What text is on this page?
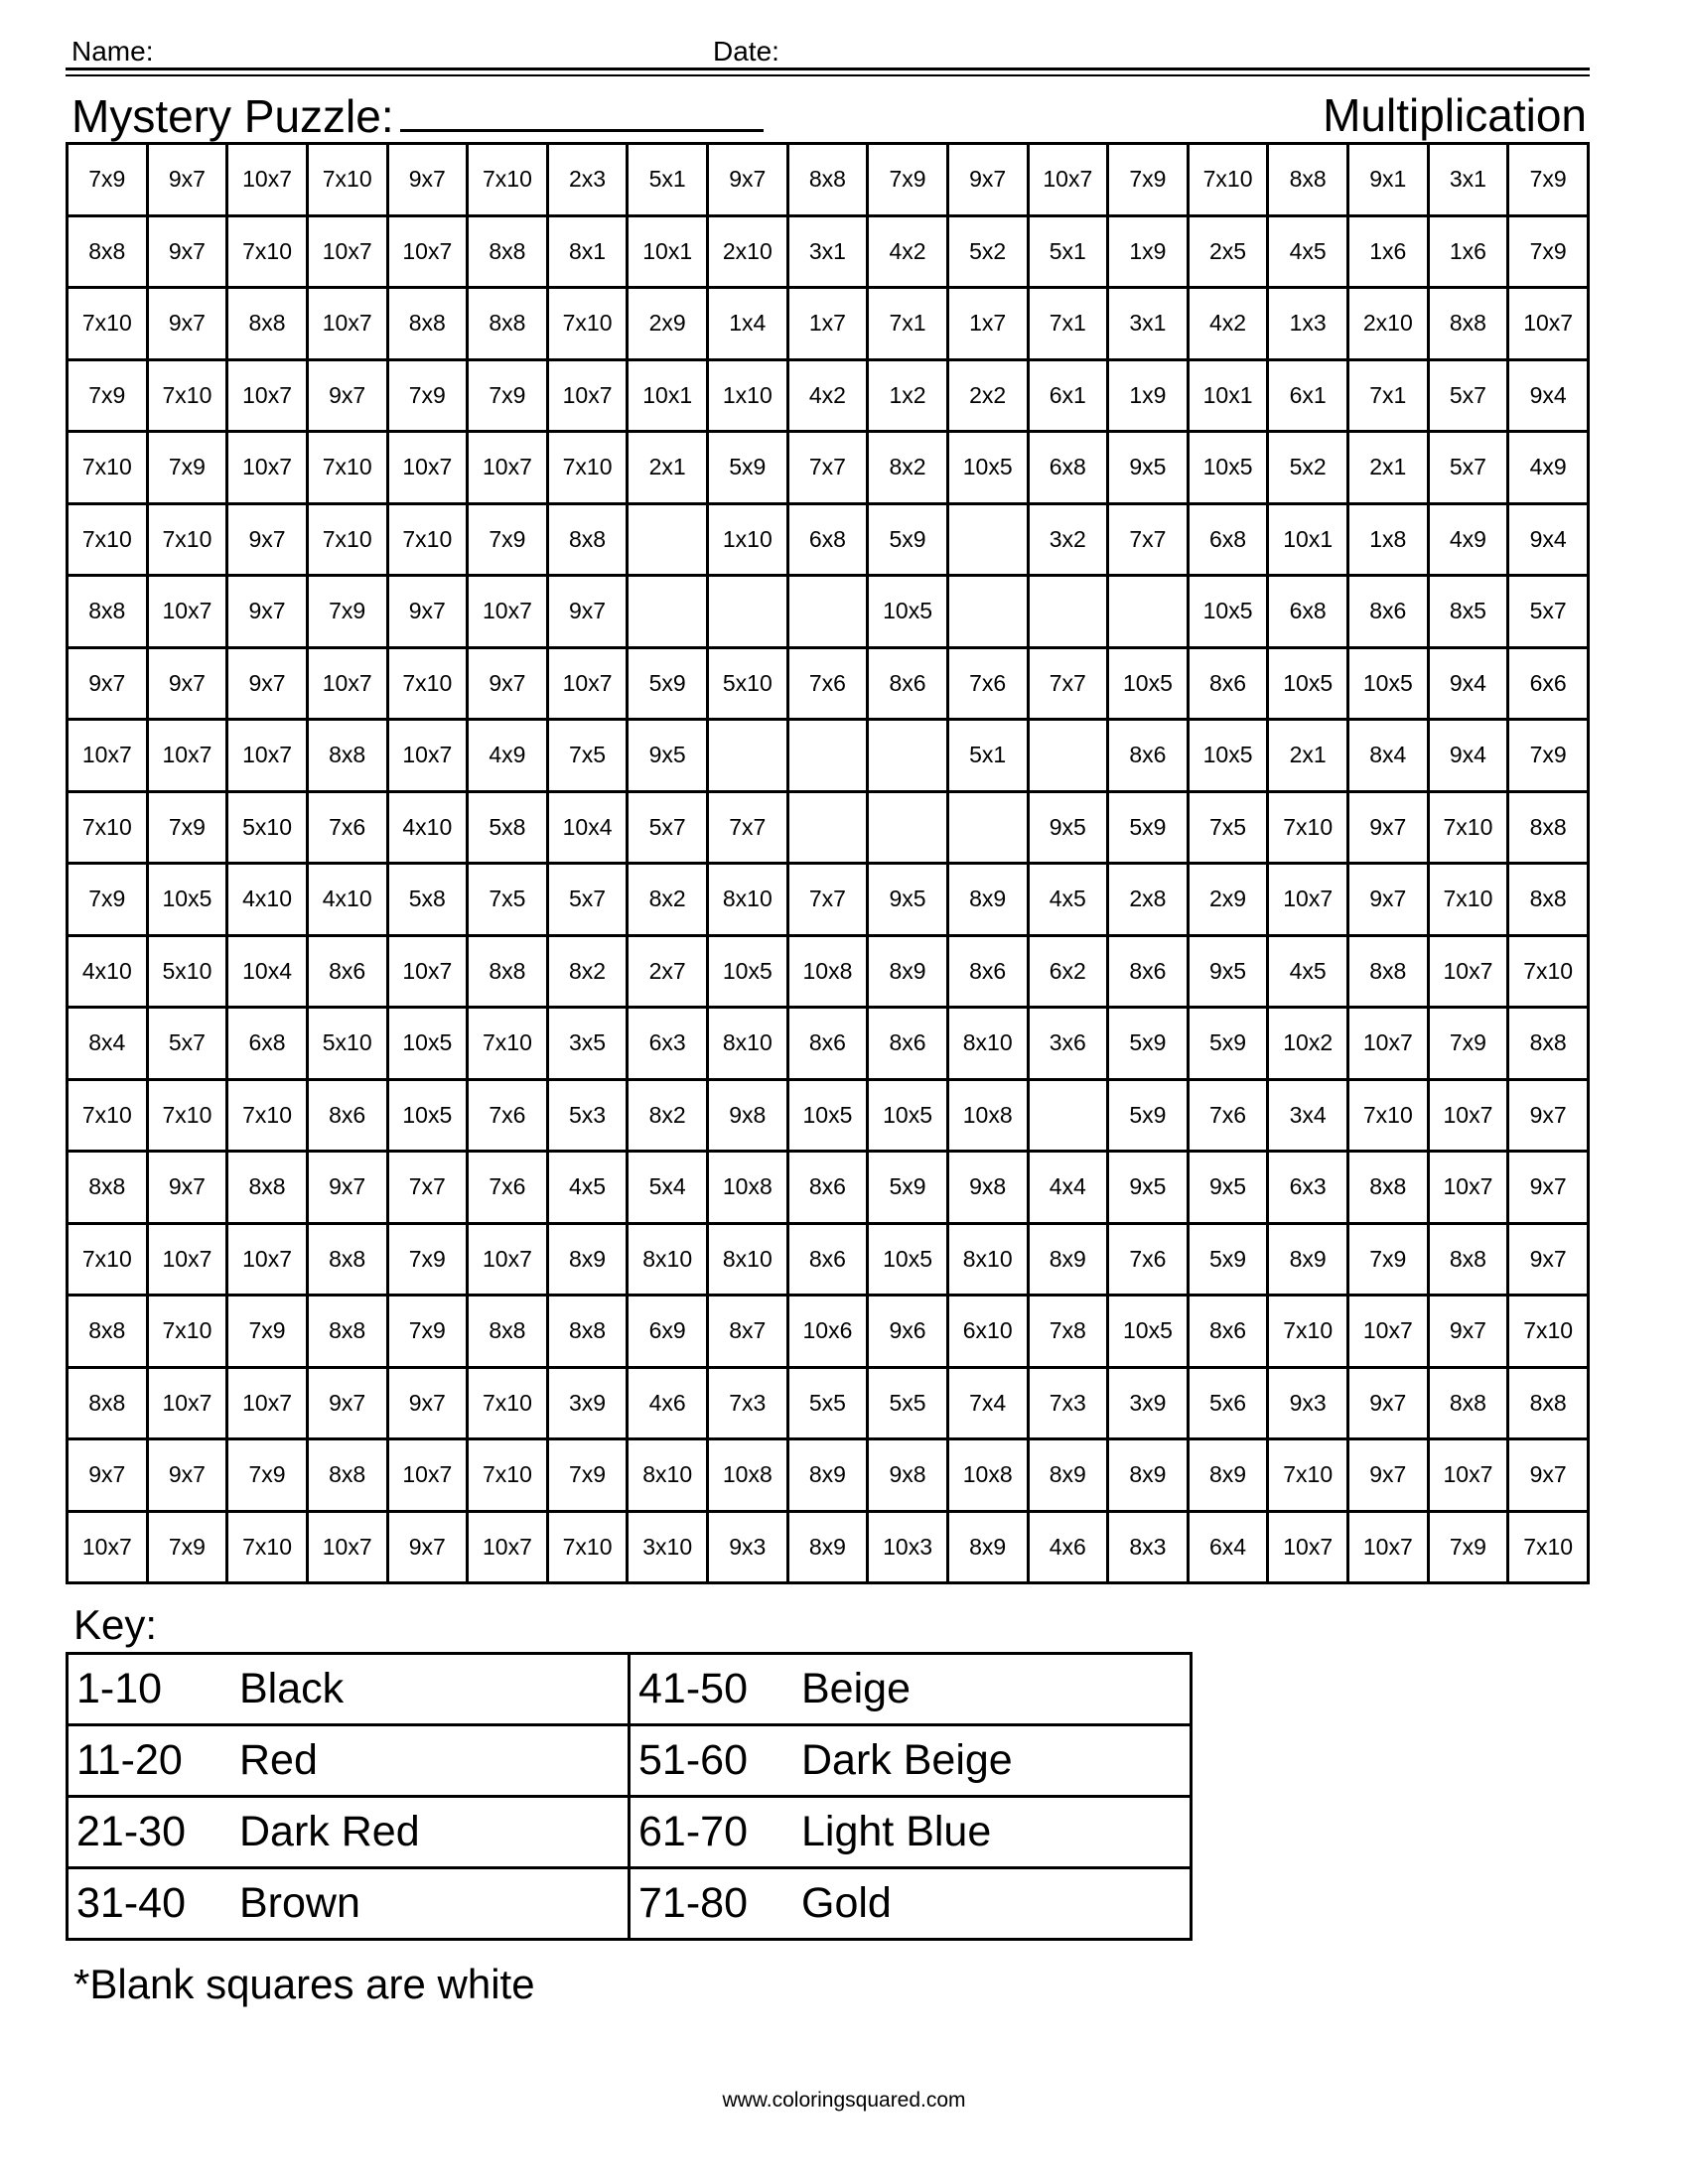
Name:	Date:
Mystery Puzzle:	Multiplication
7x9	9x7	10x7	7x10	9x7	7x10	2x3	5x1	9x7	8x8	7x9	9x7	10x7	7x9	7x10	8x8	9x1	3x1	7x9
8x8	9x7	7x10	10x7	10x7	8x8	8x1	10x1	2x10	3x1	4x2	5x2	5x1	1x9	2x5	4x5	1x6	1x6	7x9
7x10	9x7	8x8	10x7	8x8	8x8	7x10	2x9	1x4	1x7	7x1	1x7	7x1	3x1	4x2	1x3	2x10	8x8	10x7
7x9	7x10	10x7	9x7	7x9	7x9	10x7	10x1	1x10	4x2	1x2	2x2	6x1	1x9	10x1	6x1	7x1	5x7	9x4
7x10	7x9	10x7	7x10	10x7	10x7	7x10	2x1	5x9	7x7	8x2	10x5	6x8	9x5	10x5	5x2	2x1	5x7	4x9
7x10	7x10	9x7	7x10	7x10	7x9	8x8		1x10	6x8	5x9		3x2	7x7	6x8	10x1	1x8	4x9	9x4
8x8	10x7	9x7	7x9	9x7	10x7	9x7				10x5				10x5	6x8	8x6	8x5	5x7
9x7	9x7	9x7	10x7	7x10	9x7	10x7	5x9	5x10	7x6	8x6	7x6	7x7	10x5	8x6	10x5	10x5	9x4	6x6
10x7	10x7	10x7	8x8	10x7	4x9	7x5	9x5				5x1		8x6	10x5	2x1	8x4	9x4	7x9
7x10	7x9	5x10	7x6	4x10	5x8	10x4	5x7	7x7				9x5	5x9	7x5	7x10	9x7	7x10	8x8
7x9	10x5	4x10	4x10	5x8	7x5	5x7	8x2	8x10	7x7	9x5	8x9	4x5	2x8	2x9	10x7	9x7	7x10	8x8
4x10	5x10	10x4	8x6	10x7	8x8	8x2	2x7	10x5	10x8	8x9	8x6	6x2	8x6	9x5	4x5	8x8	10x7	7x10
8x4	5x7	6x8	5x10	10x5	7x10	3x5	6x3	8x10	8x6	8x6	8x10	3x6	5x9	5x9	10x2	10x7	7x9	8x8
7x10	7x10	7x10	8x6	10x5	7x6	5x3	8x2	9x8	10x5	10x5	10x8		5x9	7x6	3x4	7x10	10x7	9x7
8x8	9x7	8x8	9x7	7x7	7x6	4x5	5x4	10x8	8x6	5x9	9x8	4x4	9x5	9x5	6x3	8x8	10x7	9x7
7x10	10x7	10x7	8x8	7x9	10x7	8x9	8x10	8x10	8x6	10x5	8x10	8x9	7x6	5x9	8x9	7x9	8x8	9x7
8x8	7x10	7x9	8x8	7x9	8x8	8x8	6x9	8x7	10x6	9x6	6x10	7x8	10x5	8x6	7x10	10x7	9x7	7x10
8x8	10x7	10x7	9x7	9x7	7x10	3x9	4x6	7x3	5x5	5x5	7x4	7x3	3x9	5x6	9x3	9x7	8x8	8x8
9x7	9x7	7x9	8x8	10x7	7x10	7x9	8x10	10x8	8x9	9x8	10x8	8x9	8x9	8x9	7x10	9x7	10x7	9x7
10x7	7x9	7x10	10x7	9x7	10x7	7x10	3x10	9x3	8x9	10x3	8x9	4x6	8x3	6x4	10x7	10x7	7x9	7x10
Key:
1-10 Black	41-50 Beige
11-20 Red	51-60 Dark Beige
21-30 Dark Red	61-70 Light Blue
31-40 Brown	71-80 Gold
*Blank squares are white
www.coloringsquared.com
